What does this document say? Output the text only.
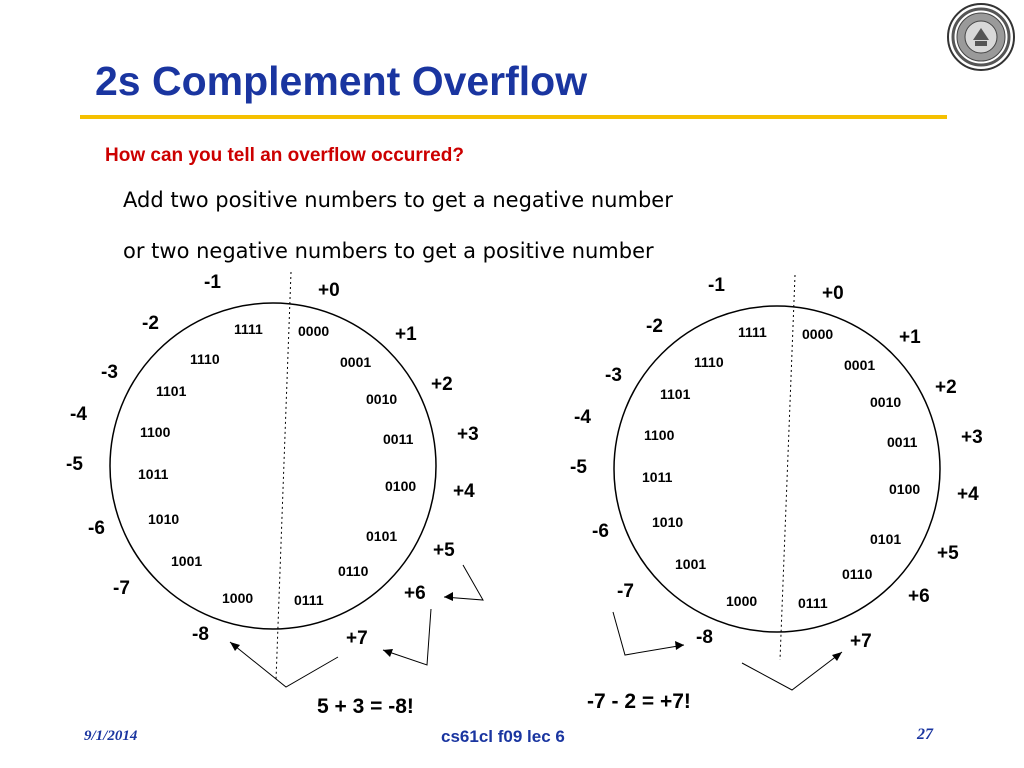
2s Complement Overflow
How can you tell an overflow occurred?
Add two positive numbers to get a negative number
or two negative numbers to get a positive number
0000
0001
0010
0011
0100
0101
0110
0111
1000
1001
1010
1011
1100
1101
1110
1111
+0
+1
+2
+3
+4
+5
+6
+7
-8
-7
-6
-5
-4
-3
-2
-1
5 + 3 = -8!
0000
0001
0010
0011
0100
0101
0110
0111
1000
1001
1010
1011
1100
1101
1110
1111
+0
+1
+2
+3
+4
+5
+6
+7
-8
-7
-6
-5
-4
-3
-2
-1
-7 - 2 = +7!
9/1/2014	cs61cl f09 lec 6	27
